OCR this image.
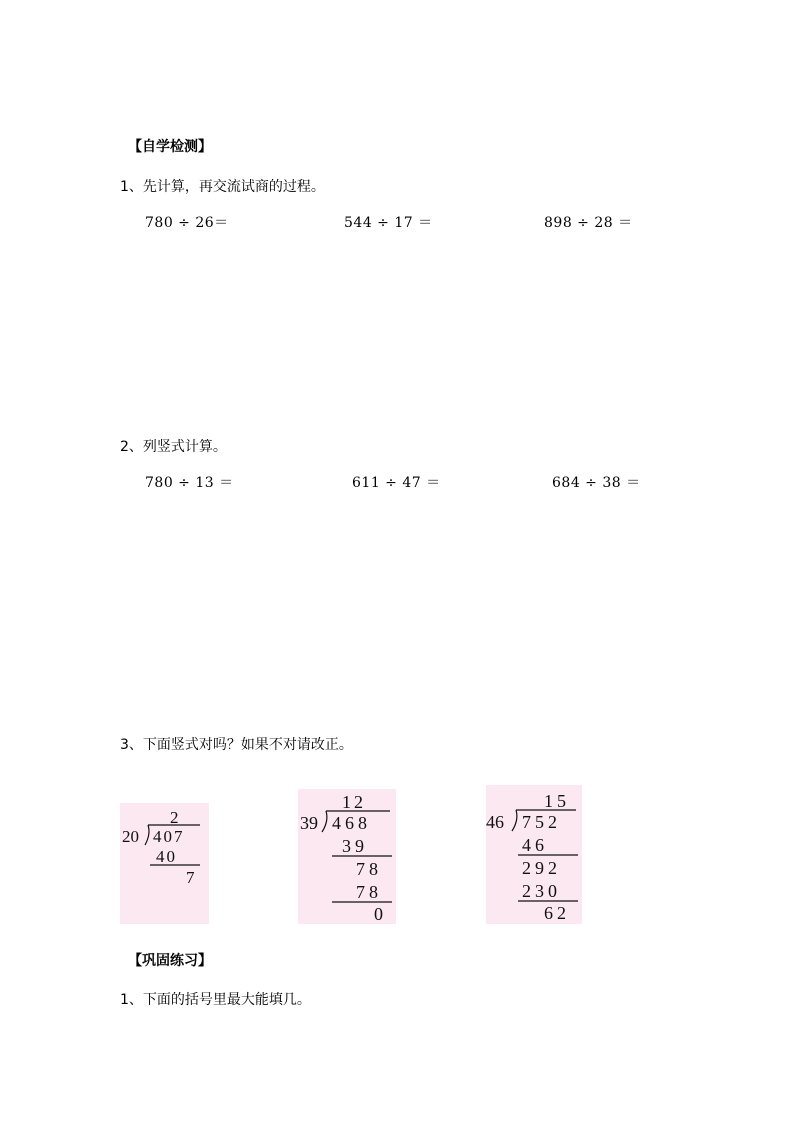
【自学检测】
1、先计算，再交流试商的过程。
780 ÷ 26＝	544 ÷ 17 ＝	898 ÷ 28 ＝
2、列竖式计算。
780 ÷ 13 ＝	611 ÷ 47 ＝	684 ÷ 38 ＝
3、下面竖式对吗？如果不对请改正。
2
20 407
40
7
12
39 468
39
78
78
0
15
46 752
46
292
230
62
【巩固练习】
1、下面的括号里最大能填几。
